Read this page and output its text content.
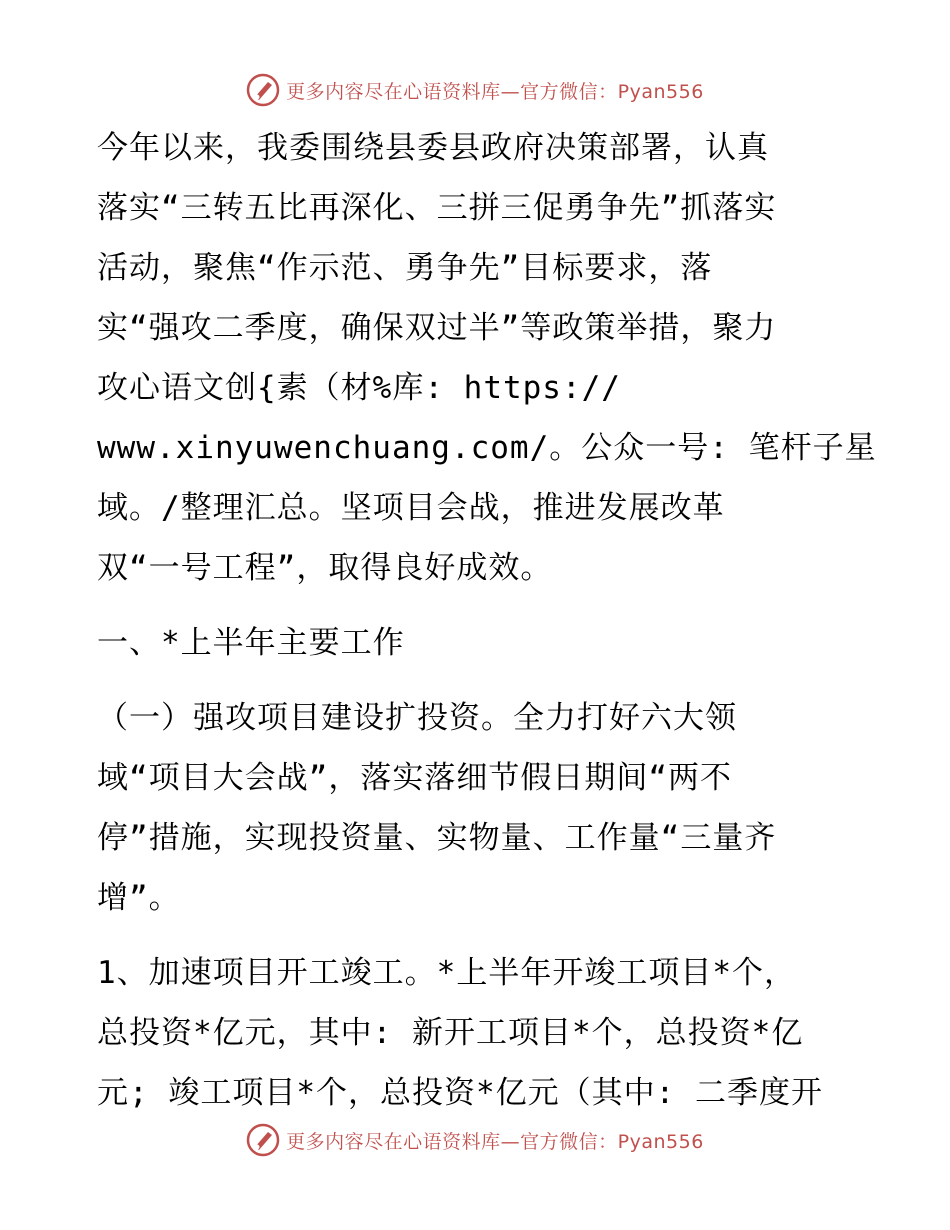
更多内容尽在心语资料库—官方微信：Pyan556
今年以来，我委围绕县委县政府决策部署，认真
落实“三转五比再深化、三拼三促勇争先”抓落实
活动，聚焦“作示范、勇争先”目标要求，落
实“强攻二季度，确保双过半”等政策举措，聚力
攻心语文创{素（材%库: https://
www.xinyuwenchuang.com/。公众一号: 笔杆子星
域。/整理汇总。坚项目会战，推进发展改革
双“一号工程”，取得良好成效。
一、*上半年主要工作
（一）强攻项目建设扩投资。全力打好六大领
域“项目大会战”，落实落细节假日期间“两不
停”措施，实现投资量、实物量、工作量“三量齐
增”。
1、加速项目开工竣工。*上半年开竣工项目*个，
总投资*亿元，其中: 新开工项目*个，总投资*亿
元; 竣工项目*个，总投资*亿元（其中: 二季度开
更多内容尽在心语资料库—官方微信：Pyan556
